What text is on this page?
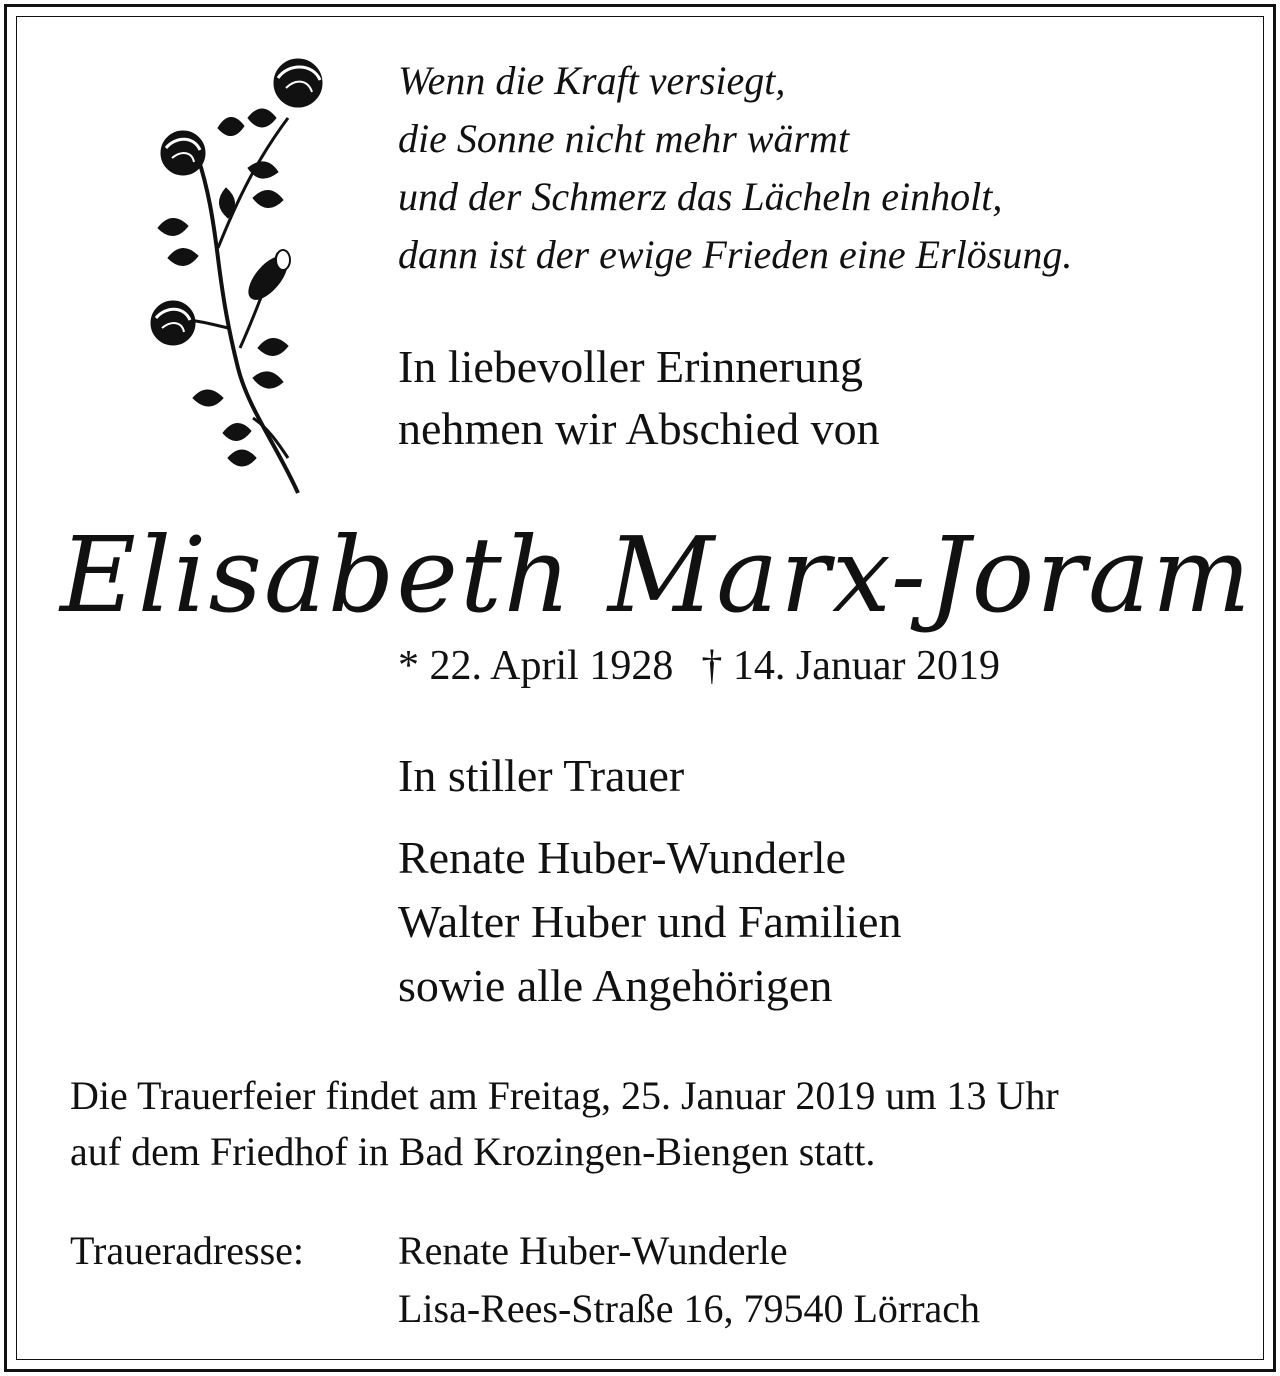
Wenn die Kraft versiegt,
die Sonne nicht mehr wärmt
und der Schmerz das Lächeln einholt,
dann ist der ewige Frieden eine Erlösung.
In liebevoller Erinnerung
nehmen wir Abschied von
Elisabeth Marx-Joram
* 22. April 1928 † 14. Januar 2019
In stiller Trauer
Renate Huber-Wunderle
Walter Huber und Familien
sowie alle Angehörigen
Die Trauerfeier findet am Freitag, 25. Januar 2019 um 13 Uhr
auf dem Friedhof in Bad Krozingen-Biengen statt.
Traueradresse: Renate Huber-Wunderle
Lisa-Rees-Straße 16, 79540 Lörrach
